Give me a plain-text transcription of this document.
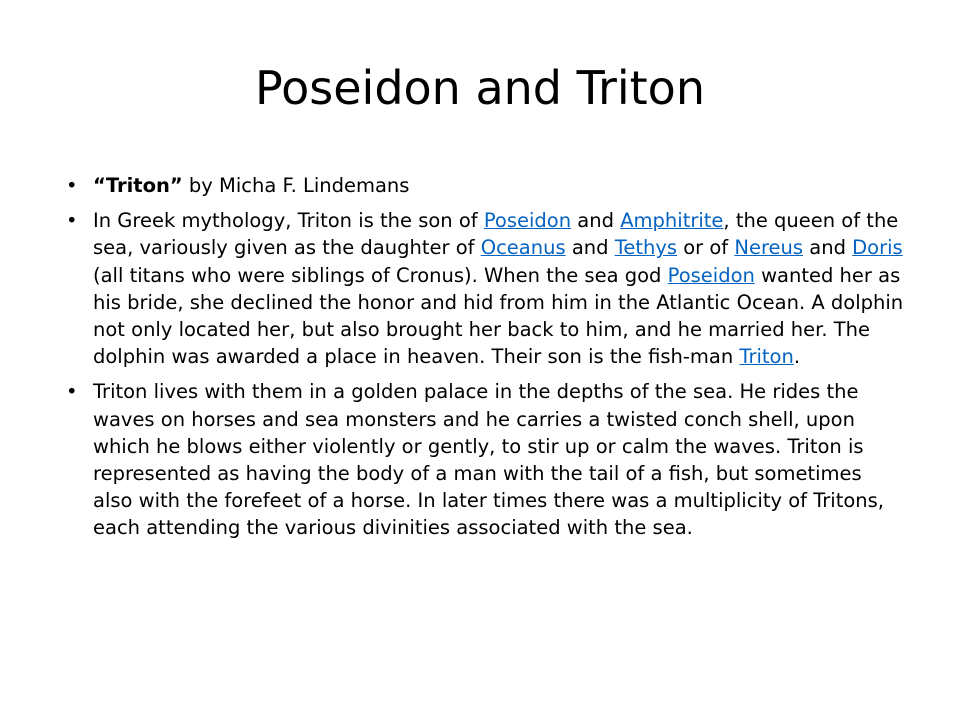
Poseidon and Triton
• “Triton” by Micha F. Lindemans
• In Greek mythology, Triton is the son of Poseidon and Amphitrite, the queen of the sea, variously given as the daughter of Oceanus and Tethys or of Nereus and Doris (all titans who were siblings of Cronus). When the sea god Poseidon wanted her as his bride, she declined the honor and hid from him in the Atlantic Ocean. A dolphin not only located her, but also brought her back to him, and he married her. The dolphin was awarded a place in heaven. Their son is the fish-man Triton.
• Triton lives with them in a golden palace in the depths of the sea. He rides the waves on horses and sea monsters and he carries a twisted conch shell, upon which he blows either violently or gently, to stir up or calm the waves. Triton is represented as having the body of a man with the tail of a fish, but sometimes also with the forefeet of a horse. In later times there was a multiplicity of Tritons, each attending the various divinities associated with the sea.
